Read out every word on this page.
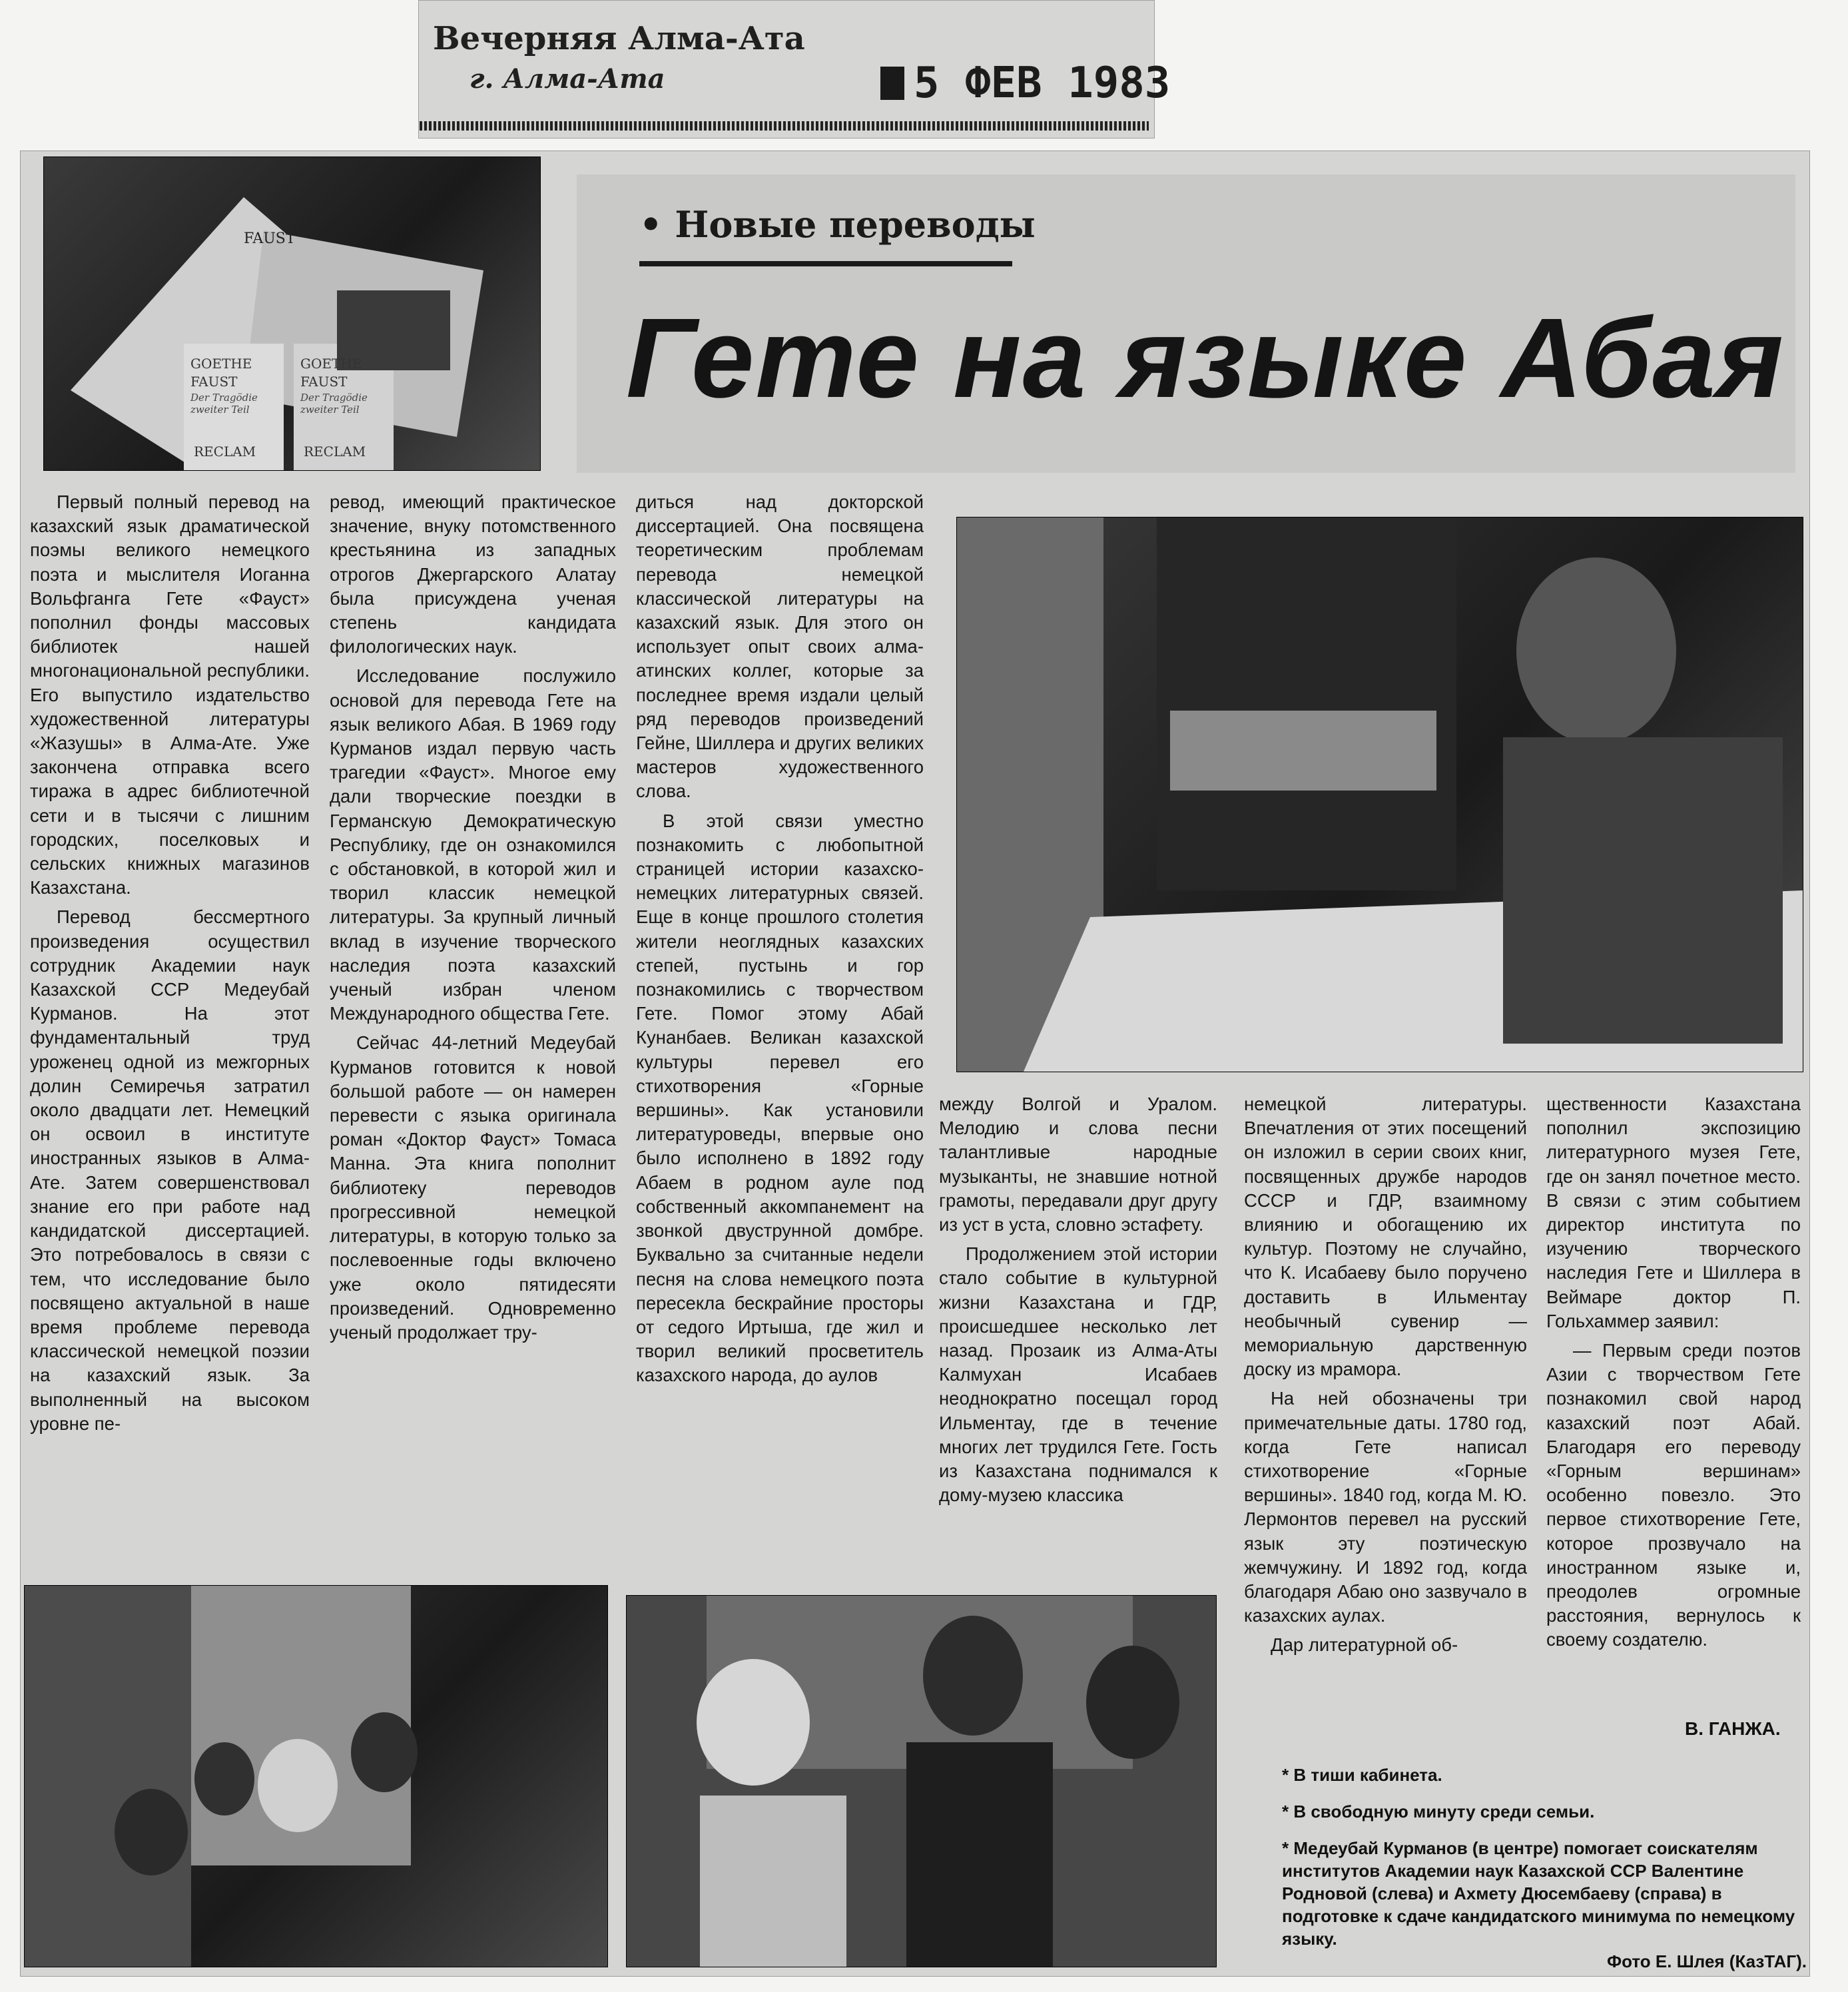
Вечерняя Алма-Ата
г. Алма-Ата	5 ФЕВ 1983
GOETHE
FAUST
Der Tragödie zweiter Teil
RECLAM
GOETHE
FAUST
Der Tragödie zweiter Teil
RECLAM
FAUST	• Новые переводы
Гете на языке Абая

Первый полный перевод на казахский язык драматической поэмы великого немецкого поэта и мыслителя Иоганна Вольфганга Гете «Фауст» пополнил фонды массовых библиотек нашей многонациональной республики. Его выпустило издательство художественной литературы «Жазушы» в Алма-Ате. Уже закончена отправка всего тиража в адрес библиотечной сети и в тысячи с лишним городских, поселковых и сельских книжных магазинов Казахстана.

Перевод бессмертного произведения осуществил сотрудник Академии наук Казахской ССР Медеубай Курманов. На этот фундаментальный труд уроженец одной из межгорных долин Семиречья затратил около двадцати лет. Немецкий он освоил в институте иностранных языков в Алма-Ате. Затем совершенствовал знание его при работе над кандидатской диссертацией. Это потребовалось в связи с тем, что исследование было посвящено актуальной в наше время проблеме перевода классической немецкой поэзии на казахский язык. За выполненный на высоком уровне пе-

ревод, имеющий практическое значение, внуку потомственного крестьянина из западных отрогов Джергарского Алатау была присуждена ученая степень кандидата филологических наук.

Исследование послужило основой для перевода Гете на язык великого Абая. В 1969 году Курманов издал первую часть трагедии «Фауст». Многое ему дали творческие поездки в Германскую Демократическую Республику, где он ознакомился с обстановкой, в которой жил и творил классик немецкой литературы. За крупный личный вклад в изучение творческого наследия поэта казахский ученый избран членом Международного общества Гете.

Сейчас 44-летний Медеубай Курманов готовится к новой большой работе — он намерен перевести с языка оригинала роман «Доктор Фауст» Томаса Манна. Эта книга пополнит библиотеку переводов прогрессивной немецкой литературы, в которую только за послевоенные годы включено уже около пятидесяти произведений. Одновременно ученый продолжает тру-

диться над докторской диссертацией. Она посвящена теоретическим проблемам перевода немецкой классической литературы на казахский язык. Для этого он использует опыт своих алма-атинских коллег, которые за последнее время издали целый ряд переводов произведений Гейне, Шиллера и других великих мастеров художественного слова.

В этой связи уместно познакомить с любопытной страницей истории казахско-немецких литературных связей. Еще в конце прошлого столетия жители неоглядных казахских степей, пустынь и гор познакомились с творчеством Гете. Помог этому Абай Кунанбаев. Великан казахской культуры перевел его стихотворения «Горные вершины». Как установили литературоведы, впервые оно было исполнено в 1892 году Абаем в родном ауле под собственный аккомпанемент на звонкой двуструнной домбре. Буквально за считанные недели песня на слова немецкого поэта пересекла бескрайние просторы от седого Иртыша, где жил и творил великий просветитель казахского народа, до аулов

между Волгой и Уралом. Мелодию и слова песни талантливые народные музыканты, не знавшие нотной грамоты, передавали друг другу из уст в уста, словно эстафету.

Продолжением этой истории стало событие в культурной жизни Казахстана и ГДР, происшедшее несколько лет назад. Прозаик из Алма-Аты Калмухан Исабаев неоднократно посещал город Ильментау, где в течение многих лет трудился Гете. Гость из Казахстана поднимался к дому-музею классика

немецкой литературы. Впечатления от этих посещений он изложил в серии своих книг, посвященных дружбе народов СССР и ГДР, взаимному влиянию и обогащению их культур. Поэтому не случайно, что К. Исабаеву было поручено доставить в Ильментау необычный сувенир — мемориальную дарственную доску из мрамора.

На ней обозначены три примечательные даты. 1780 год, когда Гете написал стихотворение «Горные вершины». 1840 год, когда М. Ю. Лермонтов перевел на русский язык эту поэтическую жемчужину. И 1892 год, когда благодаря Абаю оно зазвучало в казахских аулах.

Дар литературной об-

щественности Казахстана пополнил экспозицию литературного музея Гете, где он занял почетное место. В связи с этим событием директор института по изучению творческого наследия Гете и Шиллера в Веймаре доктор П. Гольхаммер заявил:

— Первым среди поэтов Азии с творчеством Гете познакомил свой народ казахский поэт Абай. Благодаря его переводу «Горным вершинам» особенно повезло. Это первое стихотворение Гете, которое прозвучало на иностранном языке и, преодолев огромные расстояния, вернулось к своему создателю.

В. ГАНЖА.
* В тиши кабинета.
* В свободную минуту среди семьи.
* Медеубай Курманов (в центре) помогает соискателям институтов Академии наук Казахской ССР Валентине Родновой (слева) и Ахмету Дюсембаеву (справа) в подготовке к сдаче кандидатского минимума по немецкому языку.
Фото Е. Шлея (КазТАГ).
